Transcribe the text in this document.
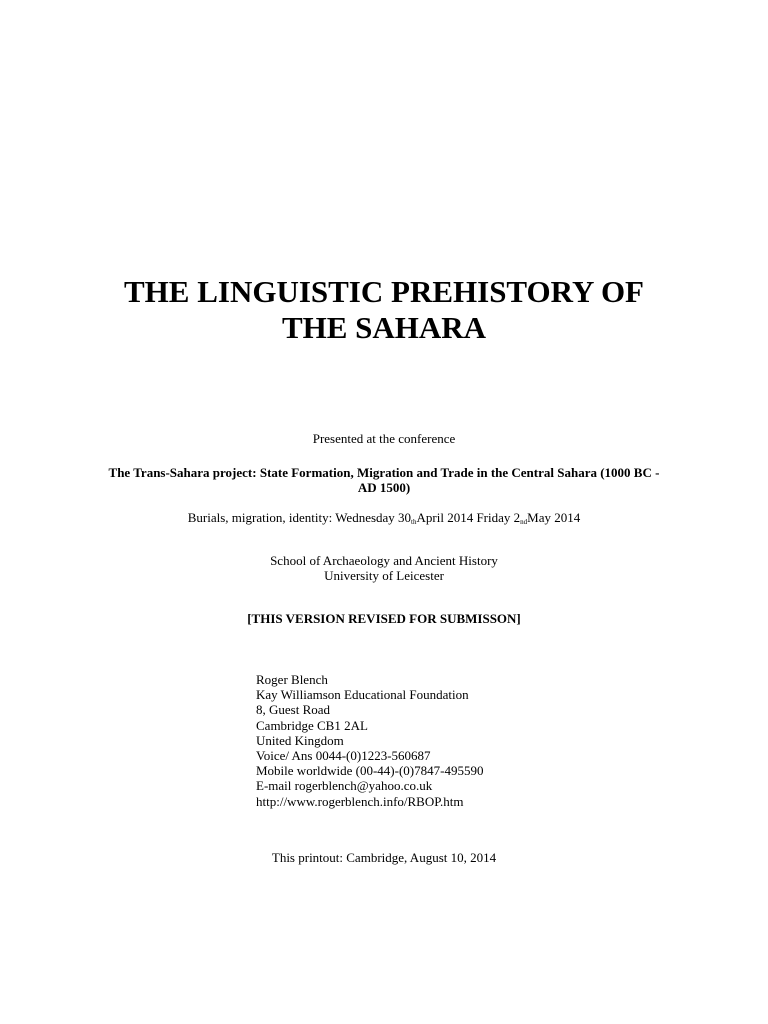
THE LINGUISTIC PREHISTORY OF
THE SAHARA
Presented at the conference
The Trans-Sahara project: State Formation, Migration and Trade in the Central Sahara (1000 BC -
AD 1500)
Burials, migration, identity: Wednesday $30_{th}April$ 2014 Friday $2_{nd}May$ 2014
School of Archaeology and Ancient History
University of Leicester
[THIS VERSION REVISED FOR SUBMISSON]
Roger Blench
Kay Williamson Educational Foundation
8, Guest Road
Cambridge CB1 2AL
United Kingdom
Voice/ Ans 0044-(0)1223-560687
Mobile worldwide (00-44)-(0)7847-495590
E-mail rogerblench@yahoo.co.uk
http://www.rogerblench.info/RBOP.htm
This printout: Cambridge, August 10, 2014
